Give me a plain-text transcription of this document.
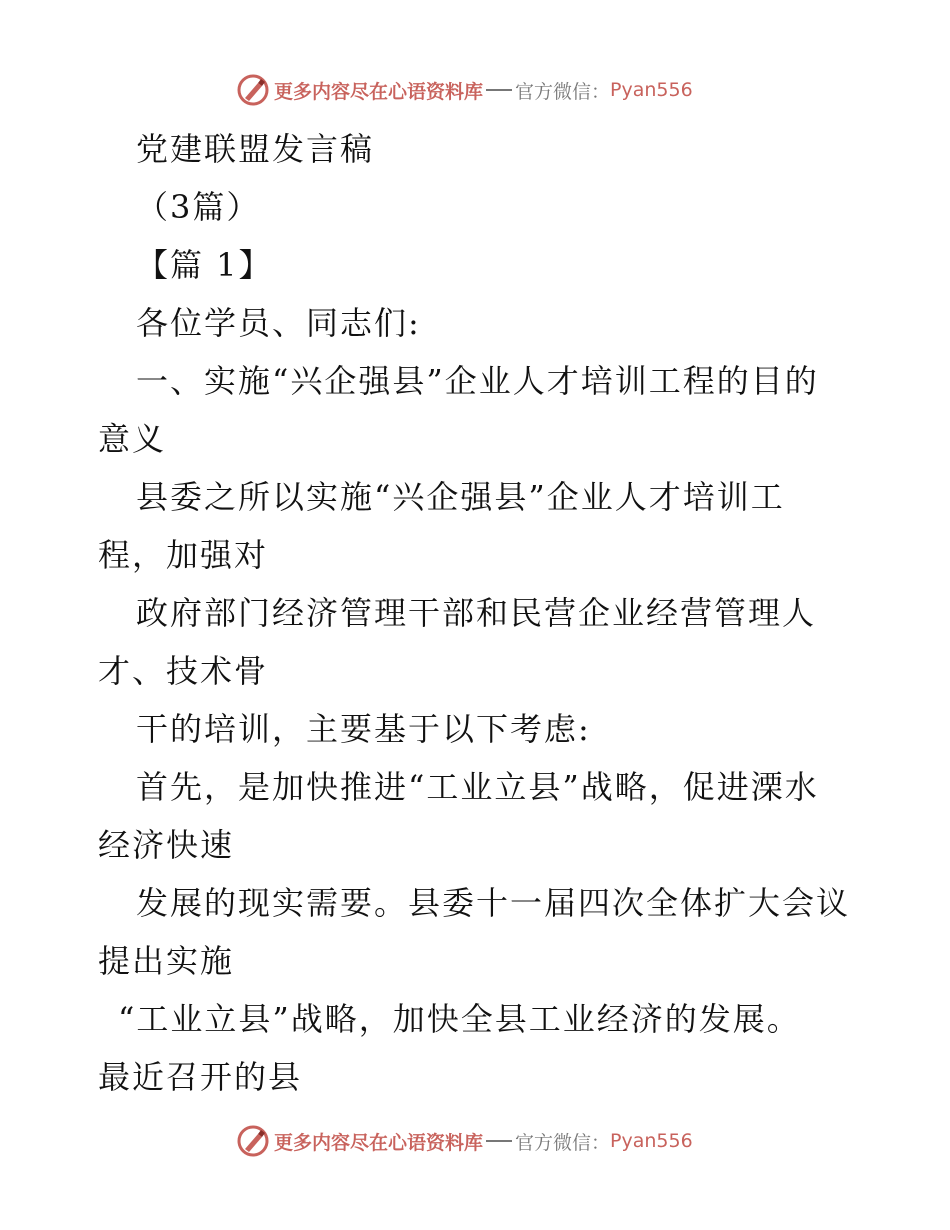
更多内容尽在心语资料库 官方微信： Pyan556
党建联盟发言稿
（3篇）
【篇 1】
各位学员、同志们:
一、实施“兴企强县”企业人才培训工程的目的
意义
县委之所以实施“兴企强县”企业人才培训工
程，加强对
政府部门经济管理干部和民营企业经营管理人
才、技术骨
干的培训，主要基于以下考虑:
首先，是加快推进“工业立县”战略，促进溧水
经济快速
发展的现实需要。县委十一届四次全体扩大会议
提出实施
“工业立县”战略，加快全县工业经济的发展。
最近召开的县
更多内容尽在心语资料库 官方微信： Pyan556
